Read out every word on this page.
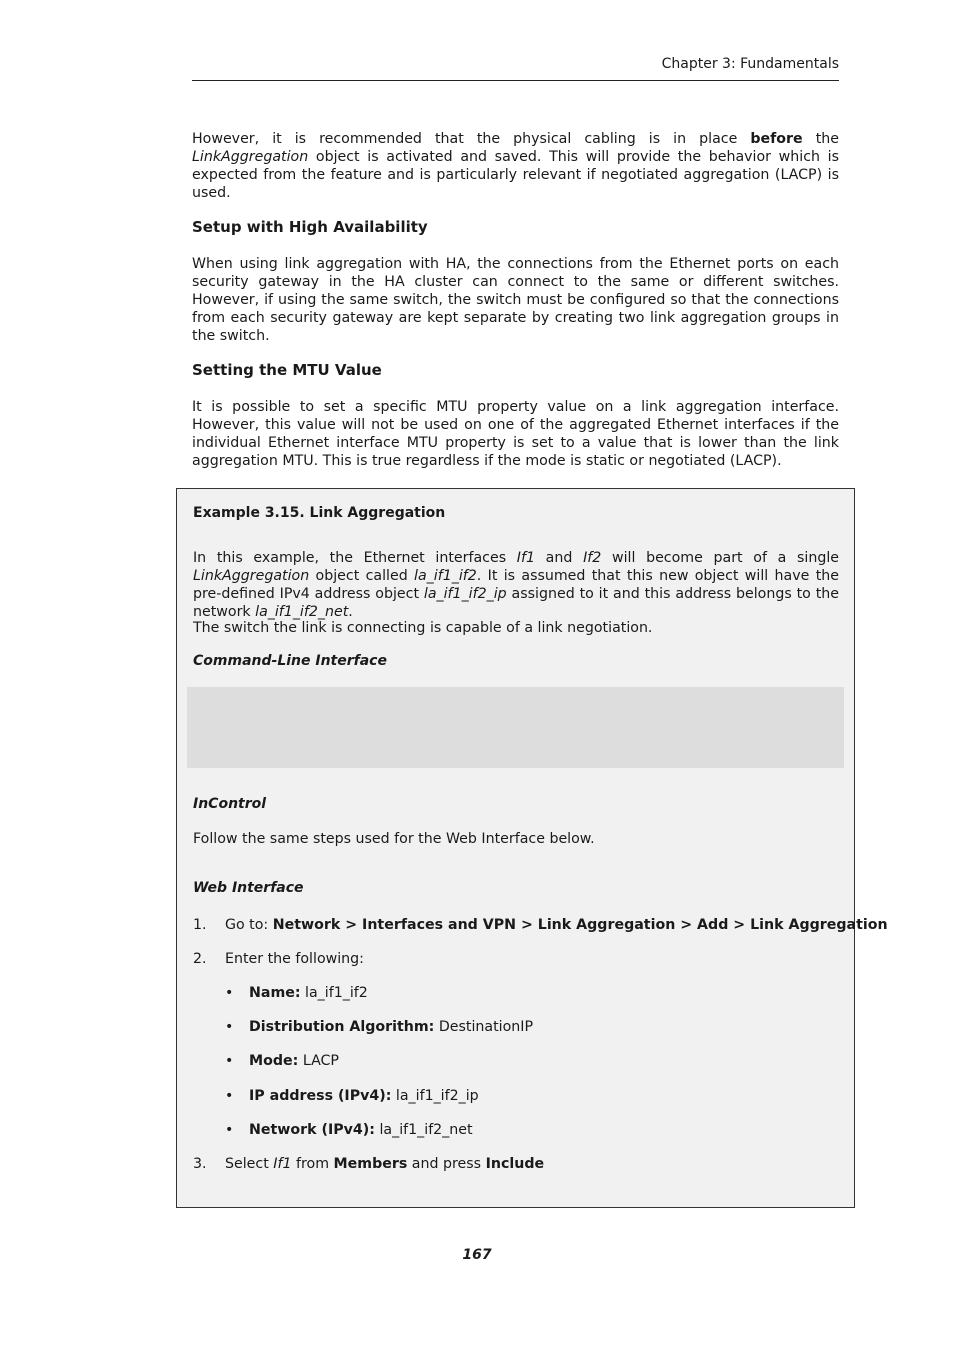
Chapter 3: Fundamentals

However, it is recommended that the physical cabling is in place before the LinkAggregation object is activated and saved. This will provide the behavior which is expected from the feature and is particularly relevant if negotiated aggregation (LACP) is used.

Setup with High Availability

When using link aggregation with HA, the connections from the Ethernet ports on each security gateway in the HA cluster can connect to the same or different switches. However, if using the same switch, the switch must be configured so that the connections from each security gateway are kept separate by creating two link aggregation groups in the switch.

Setting the MTU Value

It is possible to set a specific MTU property value on a link aggregation interface. However, this value will not be used on one of the aggregated Ethernet interfaces if the individual Ethernet interface MTU property is set to a value that is lower than the link aggregation MTU. This is true regardless if the mode is static or negotiated (LACP).

Example 3.15. Link Aggregation

In this example, the Ethernet interfaces If1 and If2 will become part of a single LinkAggregation object called la_if1_if2. It is assumed that this new object will have the pre-defined IPv4 address object la_if1_if2_ip assigned to it and this address belongs to the network la_if1_if2_net.

The switch the link is connecting is capable of a link negotiation.

Command-Line Interface

InControl

Follow the same steps used for the Web Interface below.

Web Interface

1. Go to: Network > Interfaces and VPN > Link Aggregation > Add > Link Aggregation
2. Enter the following:
• Name: la_if1_if2
• Distribution Algorithm: DestinationIP
• Mode: LACP
• IP address (IPv4): la_if1_if2_ip
• Network (IPv4): la_if1_if2_net
3. Select If1 from Members and press Include
167
